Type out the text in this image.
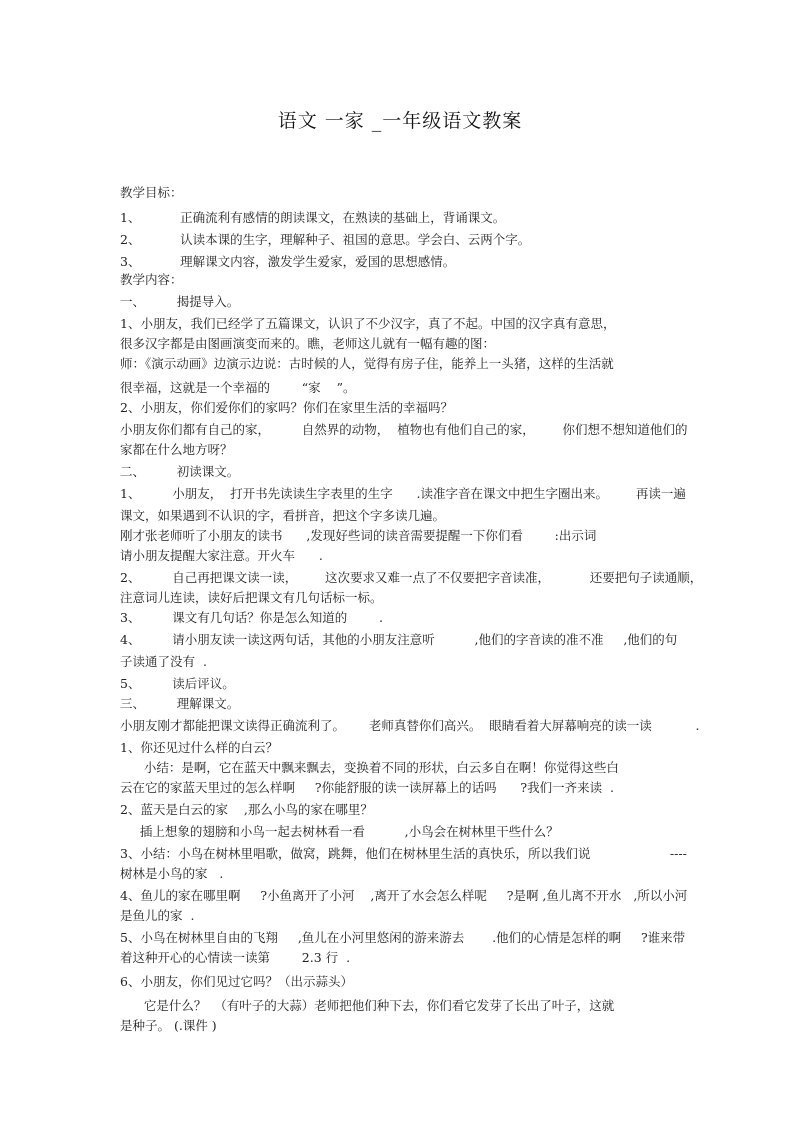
语文 一家 _一年级语文教案
教学目标：
1、          正确流利有感情的朗读课文，在熟读的基础上，背诵课文。
2、          认读本课的生字，理解种子、祖国的意思。学会白、云两个字。
3、          理解课文内容，激发学生爱家，爱国的思想感情。
教学内容：
一、        揭提导入。
1、小朋友，我们已经学了五篇课文，认识了不少汉字，真了不起。中国的汉字真有意思，
很多汉字都是由图画演变而来的。瞧，老师这儿就有一幅有趣的图：
师：《演示动画》边演示边说：古时候的人，觉得有房子住，能养上一头猪，这样的生活就
很幸福，这就是一个幸福的        “家    ”。
2、小朋友，你们爱你们的家吗？你们在家里生活的幸福吗？
小朋友你们都有自己的家，        自然界的动物，  植物也有他们自己的家，       你们想不想知道他们的
家都在什么地方呀？
二、        初读课文。
1、        小朋友，  打开书先读读生字表里的生字      .读准字音在课文中把生字圈出来。       再读一遍
课文，如果遇到不认识的字，看拼音，把这个字多读几遍。
刚才张老师听了小朋友的读书      ,发现好些词的读音需要提醒一下你们看        :出示词
请小朋友提醒大家注意。开火车      .
2、        自己再把课文读一读，       这次要求又难一点了不仅要把字音读准，          还要把句子读通顺，
注意词儿连读，读好后把课文有几句话标一标。
3、        课文有几句话？你是怎么知道的        .
4、        请小朋友读一读这两句话，其他的小朋友注意听          ,他们的字音读的准不准     ,他们的句
子读通了没有  .
5、        读后评议。
三、        理解课文。
小朋友刚才都能把课文读得正确流利了。      老师真替你们高兴。  眼睛看着大屏幕响亮的读一读           .
1、你还见过什么样的白云？
小结：是啊，它在蓝天中飘来飘去，变换着不同的形状，白云多自在啊！你觉得这些白
云在它的家蓝天里过的怎么样啊     ?你能舒服的读一读屏幕上的话吗      ?我们一齐来读  .
2、蓝天是白云的家    ,那么小鸟的家在哪里？
插上想象的翅膀和小鸟一起去树林看一看          ,小鸟会在树林里干些什么？
3、小结：小鸟在树林里唱歌，做窝，跳舞，他们在树林里生活的真快乐，所以我们说                    ----
树林是小鸟的家   .
4、鱼儿的家在哪里啊     ?小鱼离开了小河    ,离开了水会怎么样呢     ?是啊 ,鱼儿离不开水   ,所以小河
是鱼儿的家  .
5、小鸟在树林里自由的飞翔     ,鱼儿在小河里悠闲的游来游去       .他们的心情是怎样的啊     ?谁来带
着这种开心的心情读一读第        2.3 行  .
6、小朋友，你们见过它吗？（出示蒜头）
它是什么？  （有叶子的大蒜）老师把他们种下去，你们看它发芽了长出了叶子，这就
是种子。 (.课件 )
